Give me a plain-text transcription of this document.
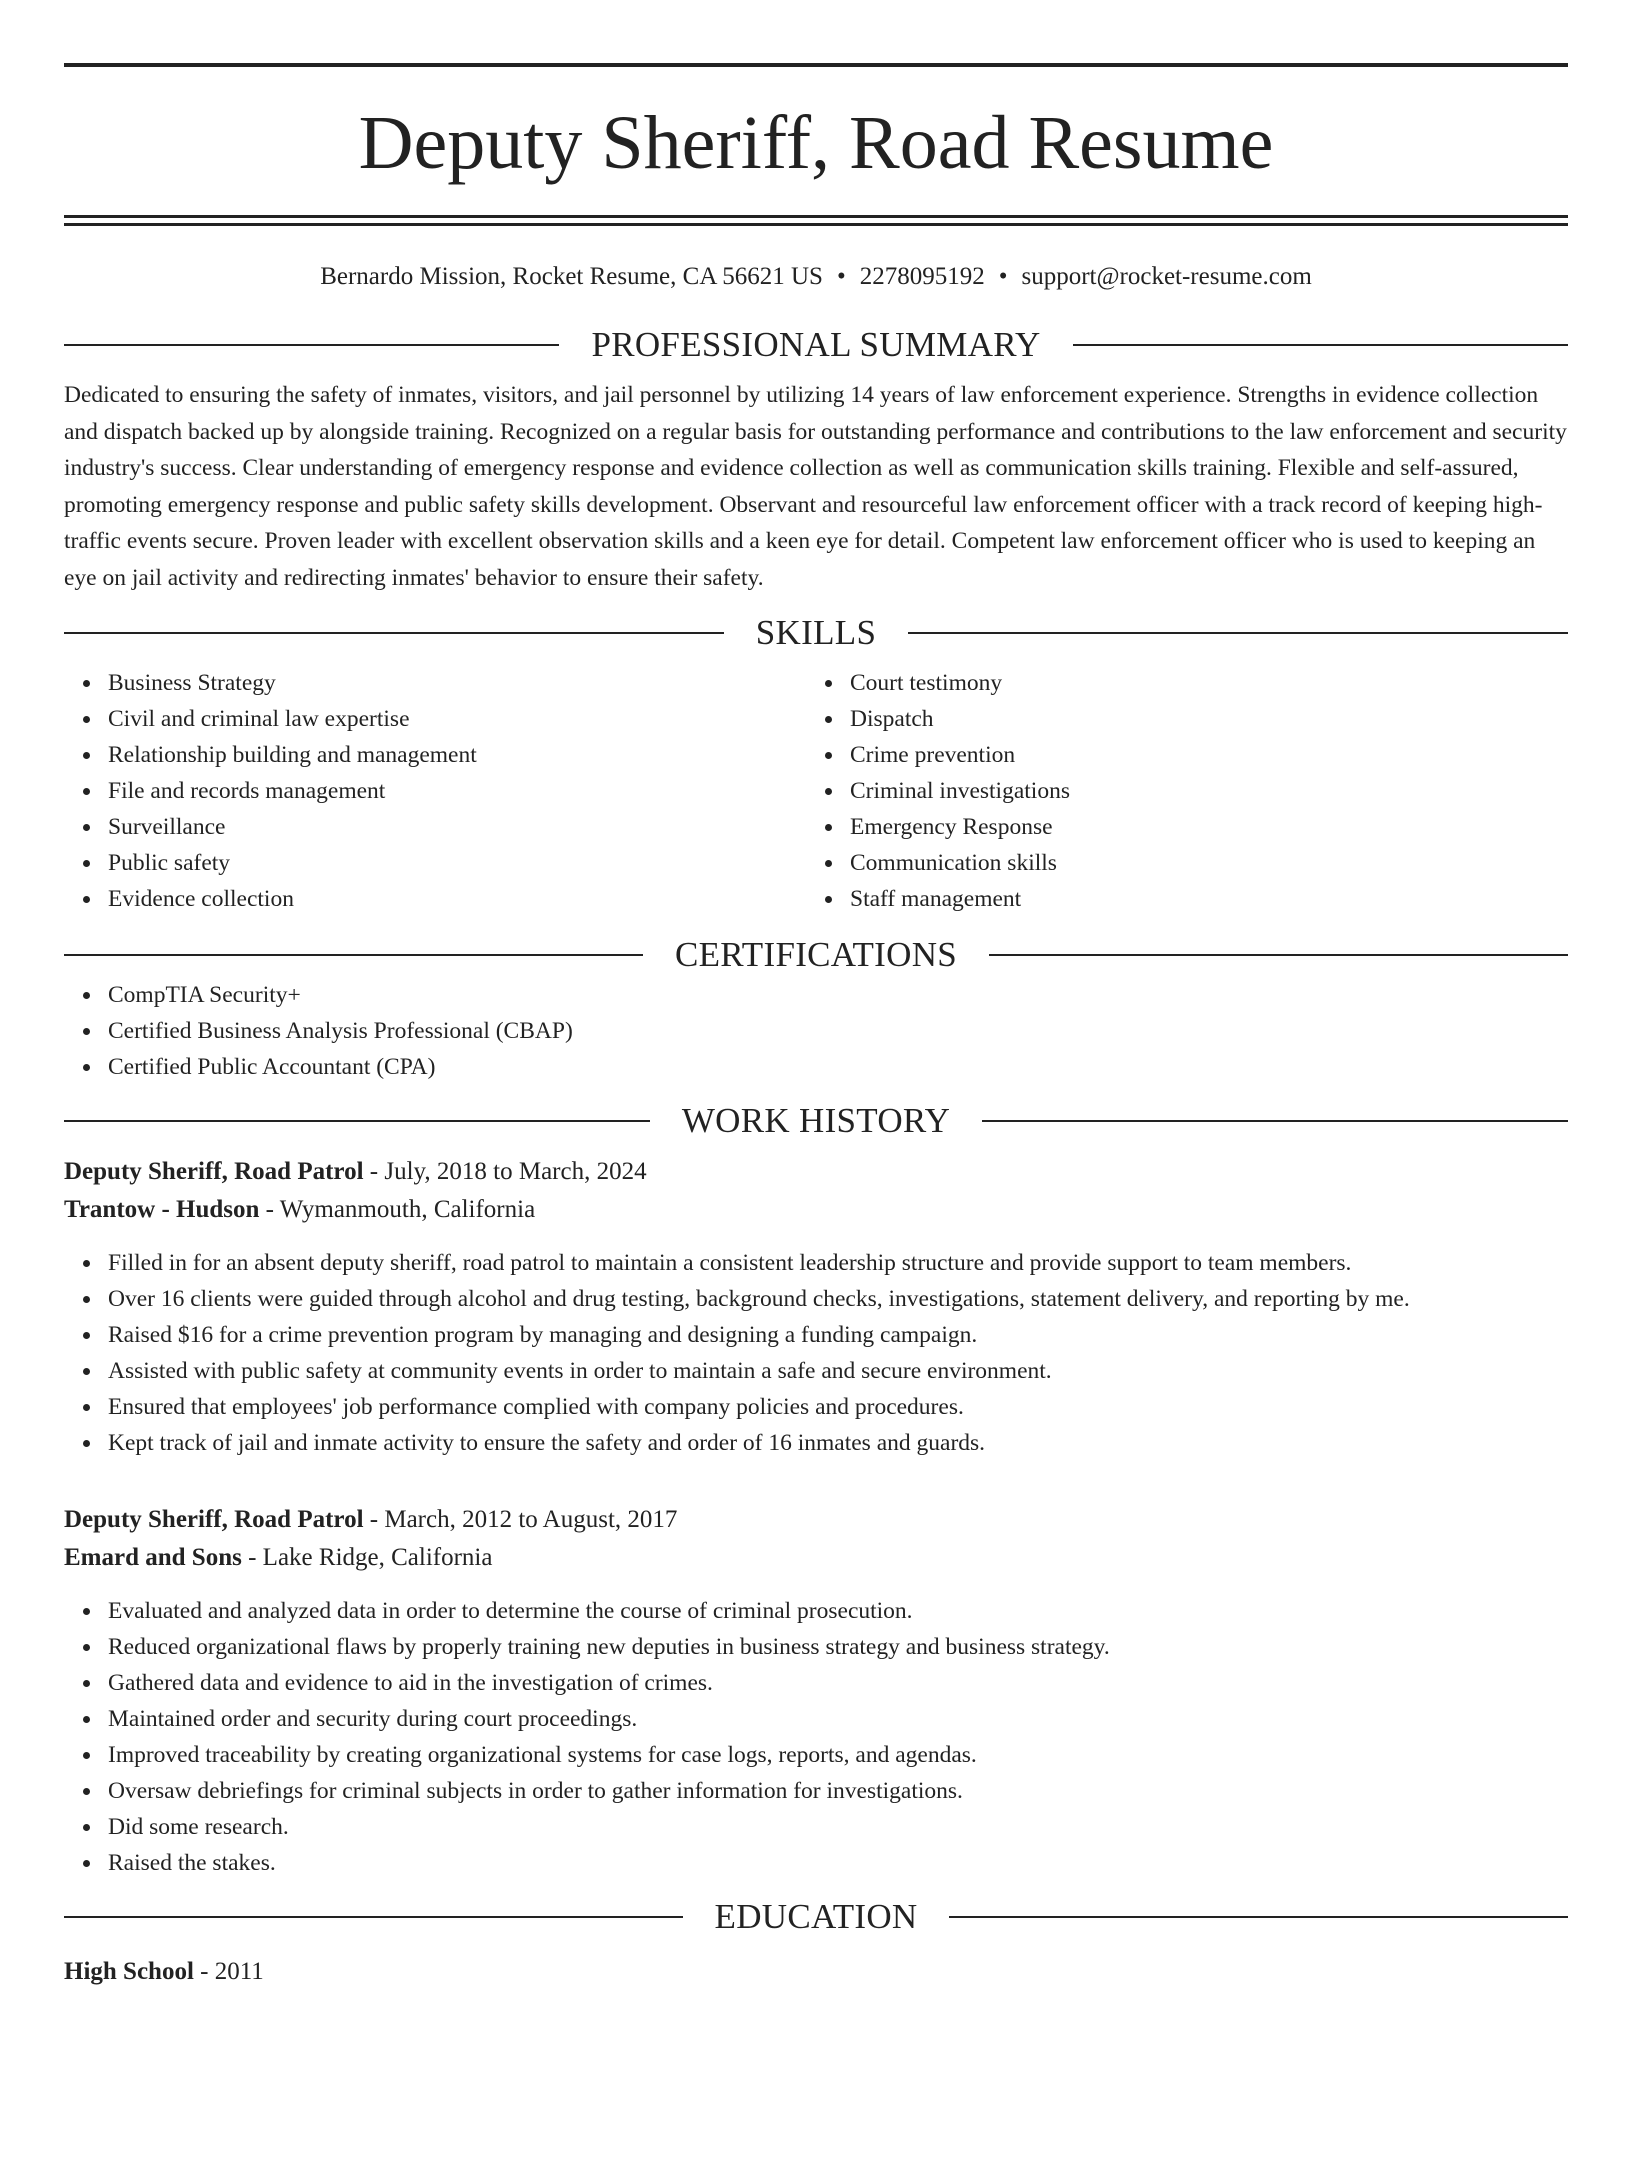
Deputy Sheriff, Road Resume
Bernardo Mission, Rocket Resume, CA 56621 US • 2278095192 • support@rocket-resume.com
PROFESSIONAL SUMMARY

Dedicated to ensuring the safety of inmates, visitors, and jail personnel by utilizing 14 years of law enforcement experience. Strengths in evidence collection and dispatch backed up by alongside training. Recognized on a regular basis for outstanding performance and contributions to the law enforcement and security industry's success. Clear understanding of emergency response and evidence collection as well as communication skills training. Flexible and self-assured, promoting emergency response and public safety skills development. Observant and resourceful law enforcement officer with a track record of keeping high-traffic events secure. Proven leader with excellent observation skills and a keen eye for detail. Competent law enforcement officer who is used to keeping an eye on jail activity and redirecting inmates' behavior to ensure their safety.

SKILLS
Business Strategy
Civil and criminal law expertise
Relationship building and management
File and records management
Surveillance
Public safety
Evidence collection
Court testimony
Dispatch
Crime prevention
Criminal investigations
Emergency Response
Communication skills
Staff management
CERTIFICATIONS
CompTIA Security+
Certified Business Analysis Professional (CBAP)
Certified Public Accountant (CPA)
WORK HISTORY
Deputy Sheriff, Road Patrol - July, 2018 to March, 2024
Trantow - Hudson - Wymanmouth, California
Filled in for an absent deputy sheriff, road patrol to maintain a consistent leadership structure and provide support to team members.
Over 16 clients were guided through alcohol and drug testing, background checks, investigations, statement delivery, and reporting by me.
Raised $16 for a crime prevention program by managing and designing a funding campaign.
Assisted with public safety at community events in order to maintain a safe and secure environment.
Ensured that employees' job performance complied with company policies and procedures.
Kept track of jail and inmate activity to ensure the safety and order of 16 inmates and guards.
Deputy Sheriff, Road Patrol - March, 2012 to August, 2017
Emard and Sons - Lake Ridge, California
Evaluated and analyzed data in order to determine the course of criminal prosecution.
Reduced organizational flaws by properly training new deputies in business strategy and business strategy.
Gathered data and evidence to aid in the investigation of crimes.
Maintained order and security during court proceedings.
Improved traceability by creating organizational systems for case logs, reports, and agendas.
Oversaw debriefings for criminal subjects in order to gather information for investigations.
Did some research.
Raised the stakes.
EDUCATION
High School - 2011
